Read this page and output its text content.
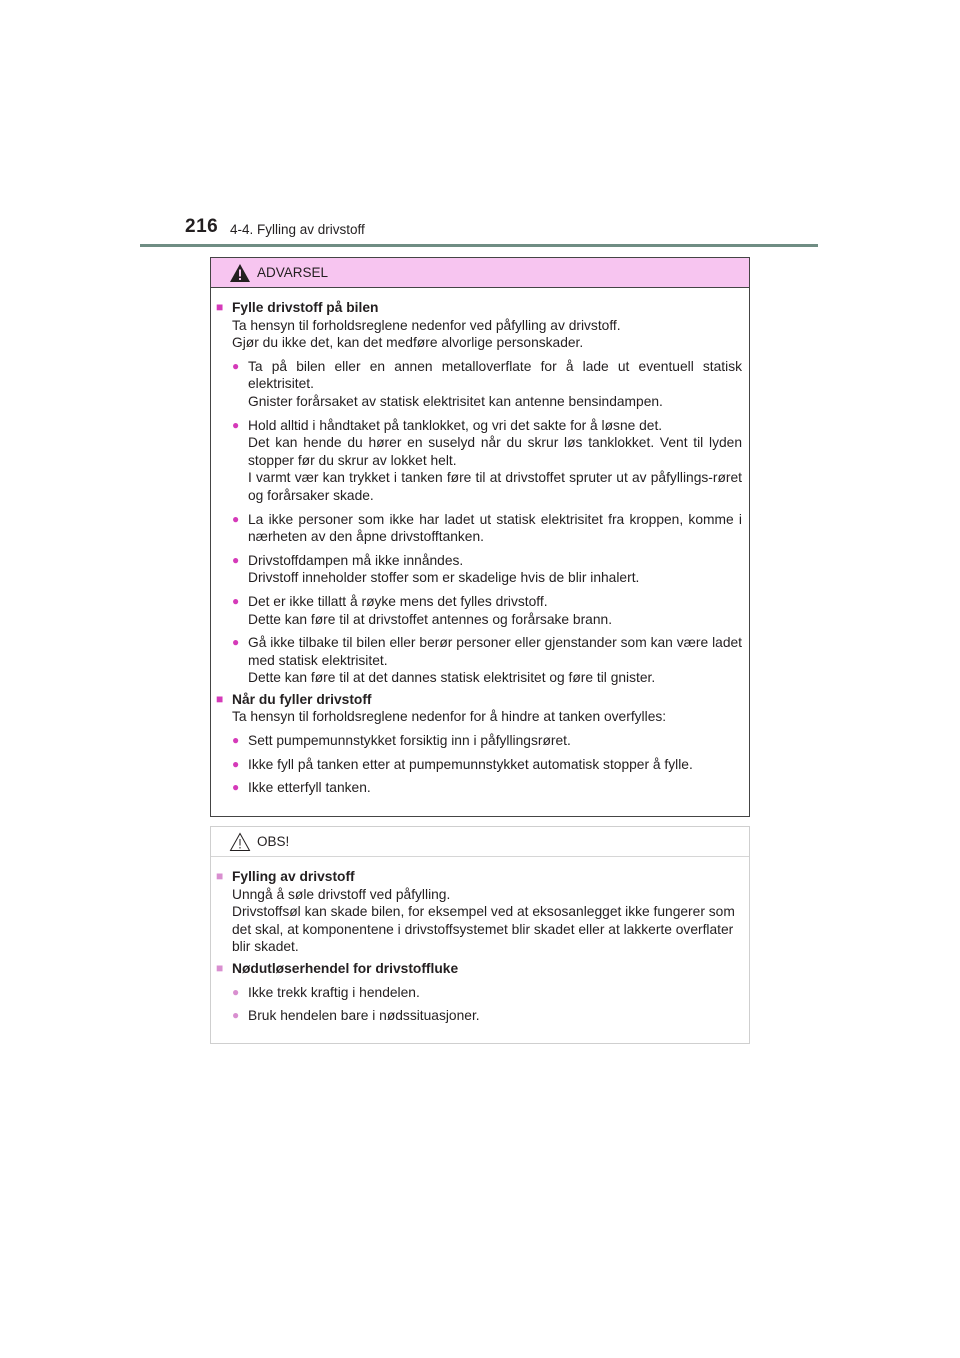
216 4-4. Fylling av drivstoff
ADVARSEL
■ Fylle drivstoff på bilen
Ta hensyn til forholdsreglene nedenfor ved påfylling av drivstoff.
Gjør du ikke det, kan det medføre alvorlige personskader.
● Ta på bilen eller en annen metalloverflate for å lade ut eventuell statisk elektrisitet.
Gnister forårsaket av statisk elektrisitet kan antenne bensindampen.
● Hold alltid i håndtaket på tanklokket, og vri det sakte for å løsne det.
Det kan hende du hører en suselyd når du skrur løs tanklokket. Vent til lyden stopper før du skrur av lokket helt.
I varmt vær kan trykket i tanken føre til at drivstoffet spruter ut av påfyllings-røret og forårsaker skade.
● La ikke personer som ikke har ladet ut statisk elektrisitet fra kroppen, komme i nærheten av den åpne drivstofftanken.
● Drivstoffdampen må ikke innåndes.
Drivstoff inneholder stoffer som er skadelige hvis de blir inhalert.
● Det er ikke tillatt å røyke mens det fylles drivstoff.
Dette kan føre til at drivstoffet antennes og forårsake brann.
● Gå ikke tilbake til bilen eller berør personer eller gjenstander som kan være ladet med statisk elektrisitet.
Dette kan føre til at det dannes statisk elektrisitet og føre til gnister.
■ Når du fyller drivstoff
Ta hensyn til forholdsreglene nedenfor for å hindre at tanken overfylles:
● Sett pumpemunnstykket forsiktig inn i påfyllingsrøret.
● Ikke fyll på tanken etter at pumpemunnstykket automatisk stopper å fylle.
● Ikke etterfyll tanken.
OBS!
■ Fylling av drivstoff
Unngå å søle drivstoff ved påfylling.
Drivstoffsøl kan skade bilen, for eksempel ved at eksosanlegget ikke fungerer som det skal, at komponentene i drivstoffsystemet blir skadet eller at lakkerte overflater blir skadet.
■ Nødutløserhendel for drivstoffluke
● Ikke trekk kraftig i hendelen.
● Bruk hendelen bare i nødssituasjoner.
